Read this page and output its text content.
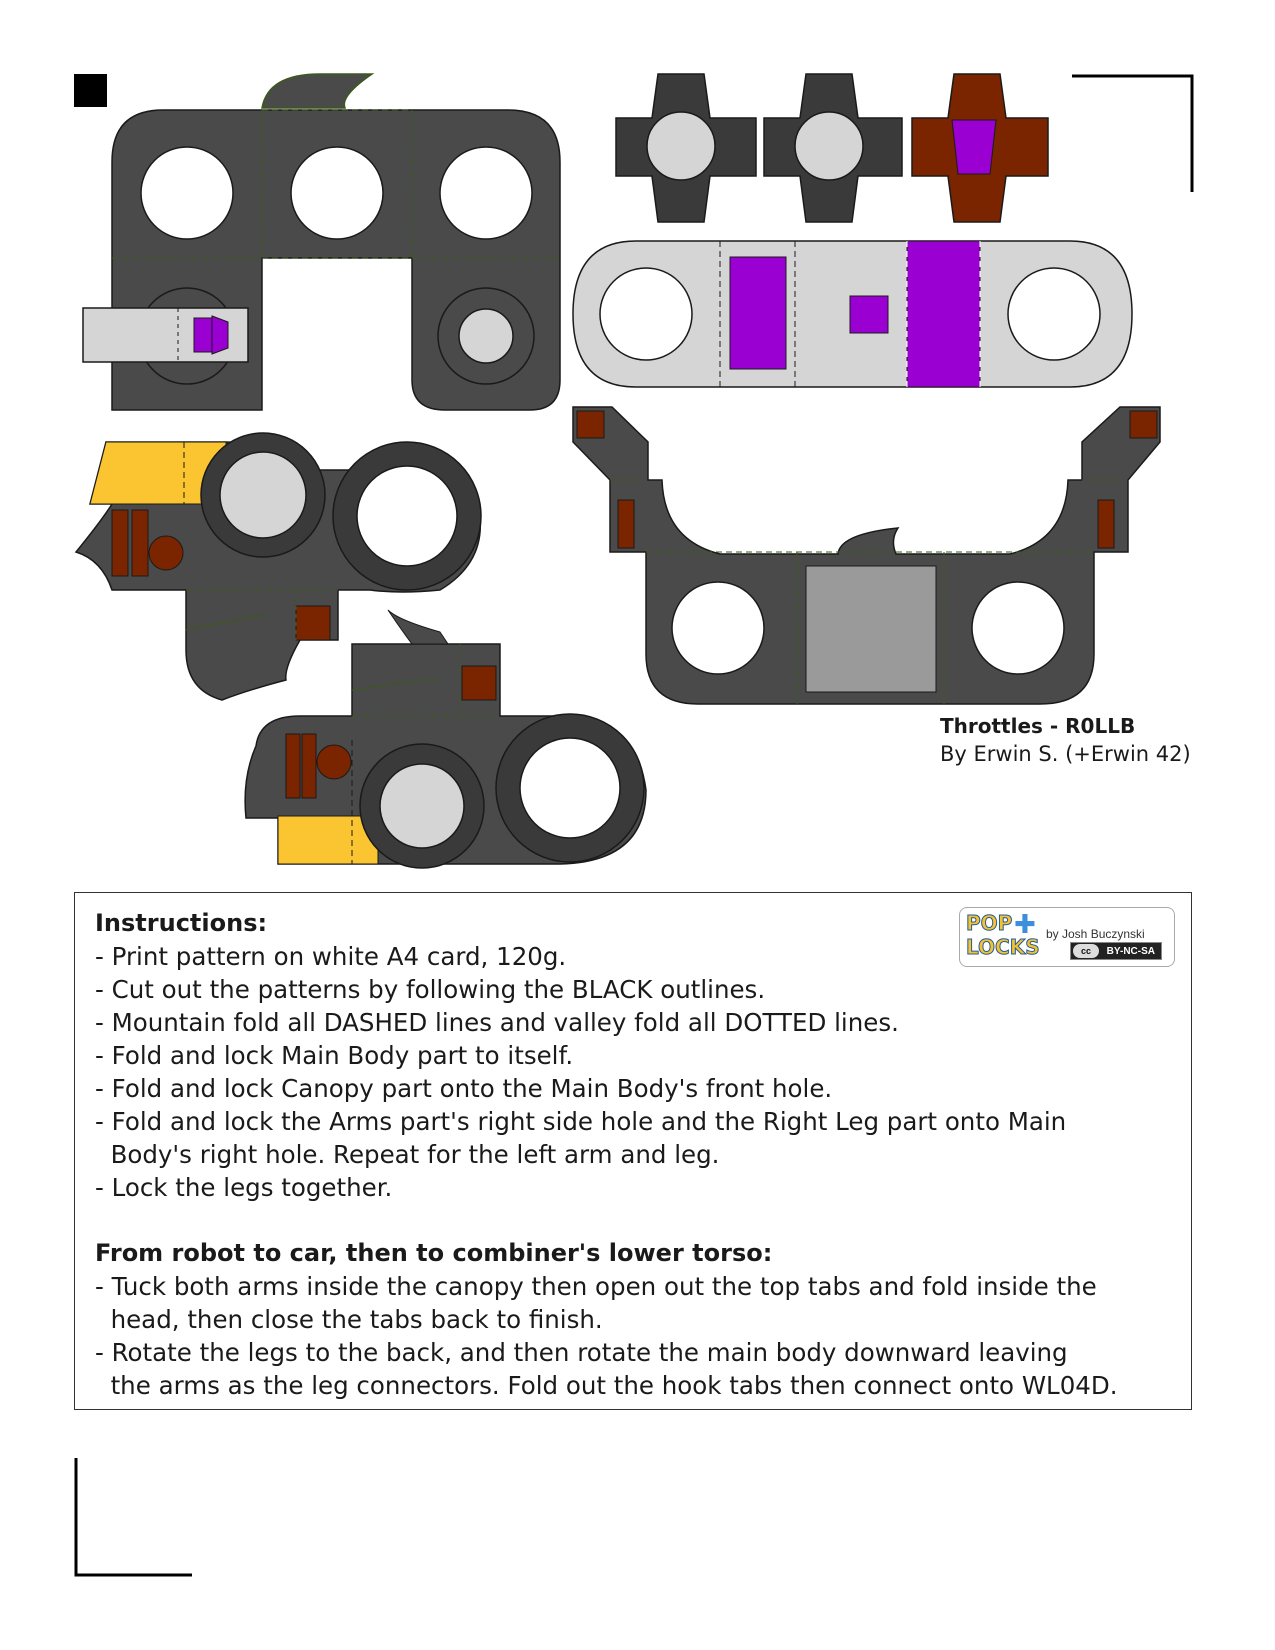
Throttles - R0LLB
By Erwin S. (+Erwin 42)
POP ✚
LOCKS
by Josh Buczynski
BY-NC-SA
cc
Instructions:

- Print pattern on white A4 card, 120g.

- Cut out the patterns by following the BLACK outlines.

- Mountain fold all DASHED lines and valley fold all DOTTED lines.

- Fold and lock Main Body part to itself.

- Fold and lock Canopy part onto the Main Body's front hole.

- Fold and lock the Arms part's right side hole and the Right Leg part onto Main

Body's right hole. Repeat for the left arm and leg.

- Lock the legs together.

From robot to car, then to combiner's lower torso:

- Tuck both arms inside the canopy then open out the top tabs and fold inside the

head, then close the tabs back to finish.

- Rotate the legs to the back, and then rotate the main body downward leaving

the arms as the leg connectors. Fold out the hook tabs then connect onto WL04D.
